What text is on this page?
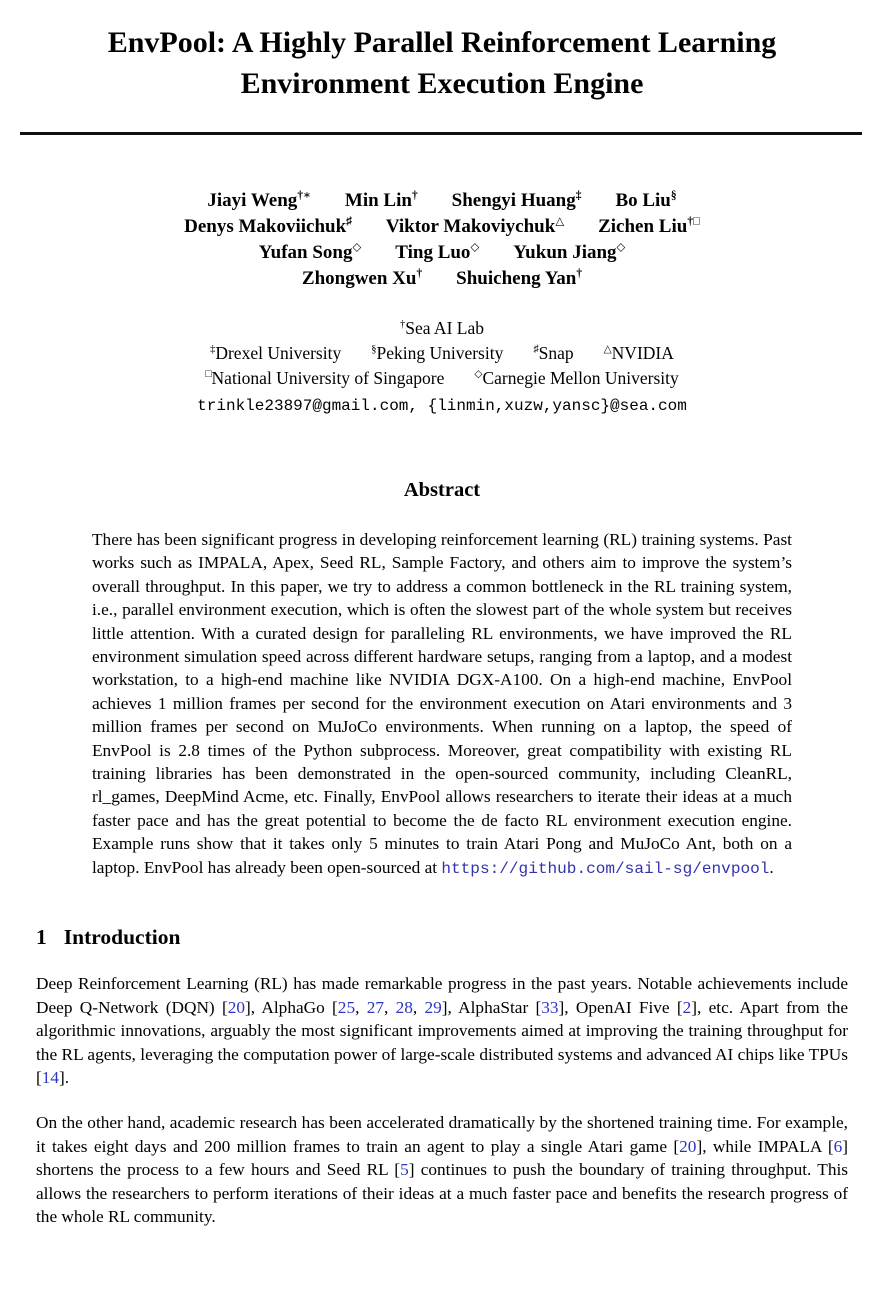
EnvPool: A Highly Parallel Reinforcement Learning
Environment Execution Engine
Jiayi Weng†∗ Min Lin† Shengyi Huang‡ Bo Liu§
Denys Makoviichuk♯ Viktor Makoviychuk△ Zichen Liu†□
Yufan Song◇ Ting Luo◇ Yukun Jiang◇
Zhongwen Xu† Shuicheng Yan†
†Sea AI Lab
‡Drexel University	§Peking University	♯Snap	△NVIDIA
□National University of Singapore	◇Carnegie Mellon University
trinkle23897@gmail.com, {linmin,xuzw,yansc}@sea.com
Abstract

There has been significant progress in developing reinforcement learning (RL) training systems. Past works such as IMPALA, Apex, Seed RL, Sample Factory, and others aim to improve the system’s overall throughput. In this paper, we try to address a common bottleneck in the RL training system, i.e., parallel environment execution, which is often the slowest part of the whole system but receives little attention. With a curated design for paralleling RL environments, we have improved the RL environment simulation speed across different hardware setups, ranging from a laptop, and a modest workstation, to a high-end machine like NVIDIA DGX-A100. On a high-end machine, EnvPool achieves 1 million frames per second for the environment execution on Atari environments and 3 million frames per second on MuJoCo environments. When running on a laptop, the speed of EnvPool is 2.8 times of the Python subprocess. Moreover, great compatibility with existing RL training libraries has been demonstrated in the open-sourced community, including CleanRL, rl_games, DeepMind Acme, etc. Finally, EnvPool allows researchers to iterate their ideas at a much faster pace and has the great potential to become the de facto RL environment execution engine. Example runs show that it takes only 5 minutes to train Atari Pong and MuJoCo Ant, both on a laptop. EnvPool has already been open-sourced at https://github.com/sail-sg/envpool.

1 Introduction

Deep Reinforcement Learning (RL) has made remarkable progress in the past years. Notable achievements include Deep Q-Network (DQN) [20], AlphaGo [25, 27, 28, 29], AlphaStar [33], OpenAI Five [2], etc. Apart from the algorithmic innovations, arguably the most significant improvements aimed at improving the training throughput for the RL agents, leveraging the computation power of large-scale distributed systems and advanced AI chips like TPUs [14].

On the other hand, academic research has been accelerated dramatically by the shortened training time. For example, it takes eight days and 200 million frames to train an agent to play a single Atari game [20], while IMPALA [6] shortens the process to a few hours and Seed RL [5] continues to push the boundary of training throughput. This allows the researchers to perform iterations of their ideas at a much faster pace and benefits the research progress of the whole RL community.
